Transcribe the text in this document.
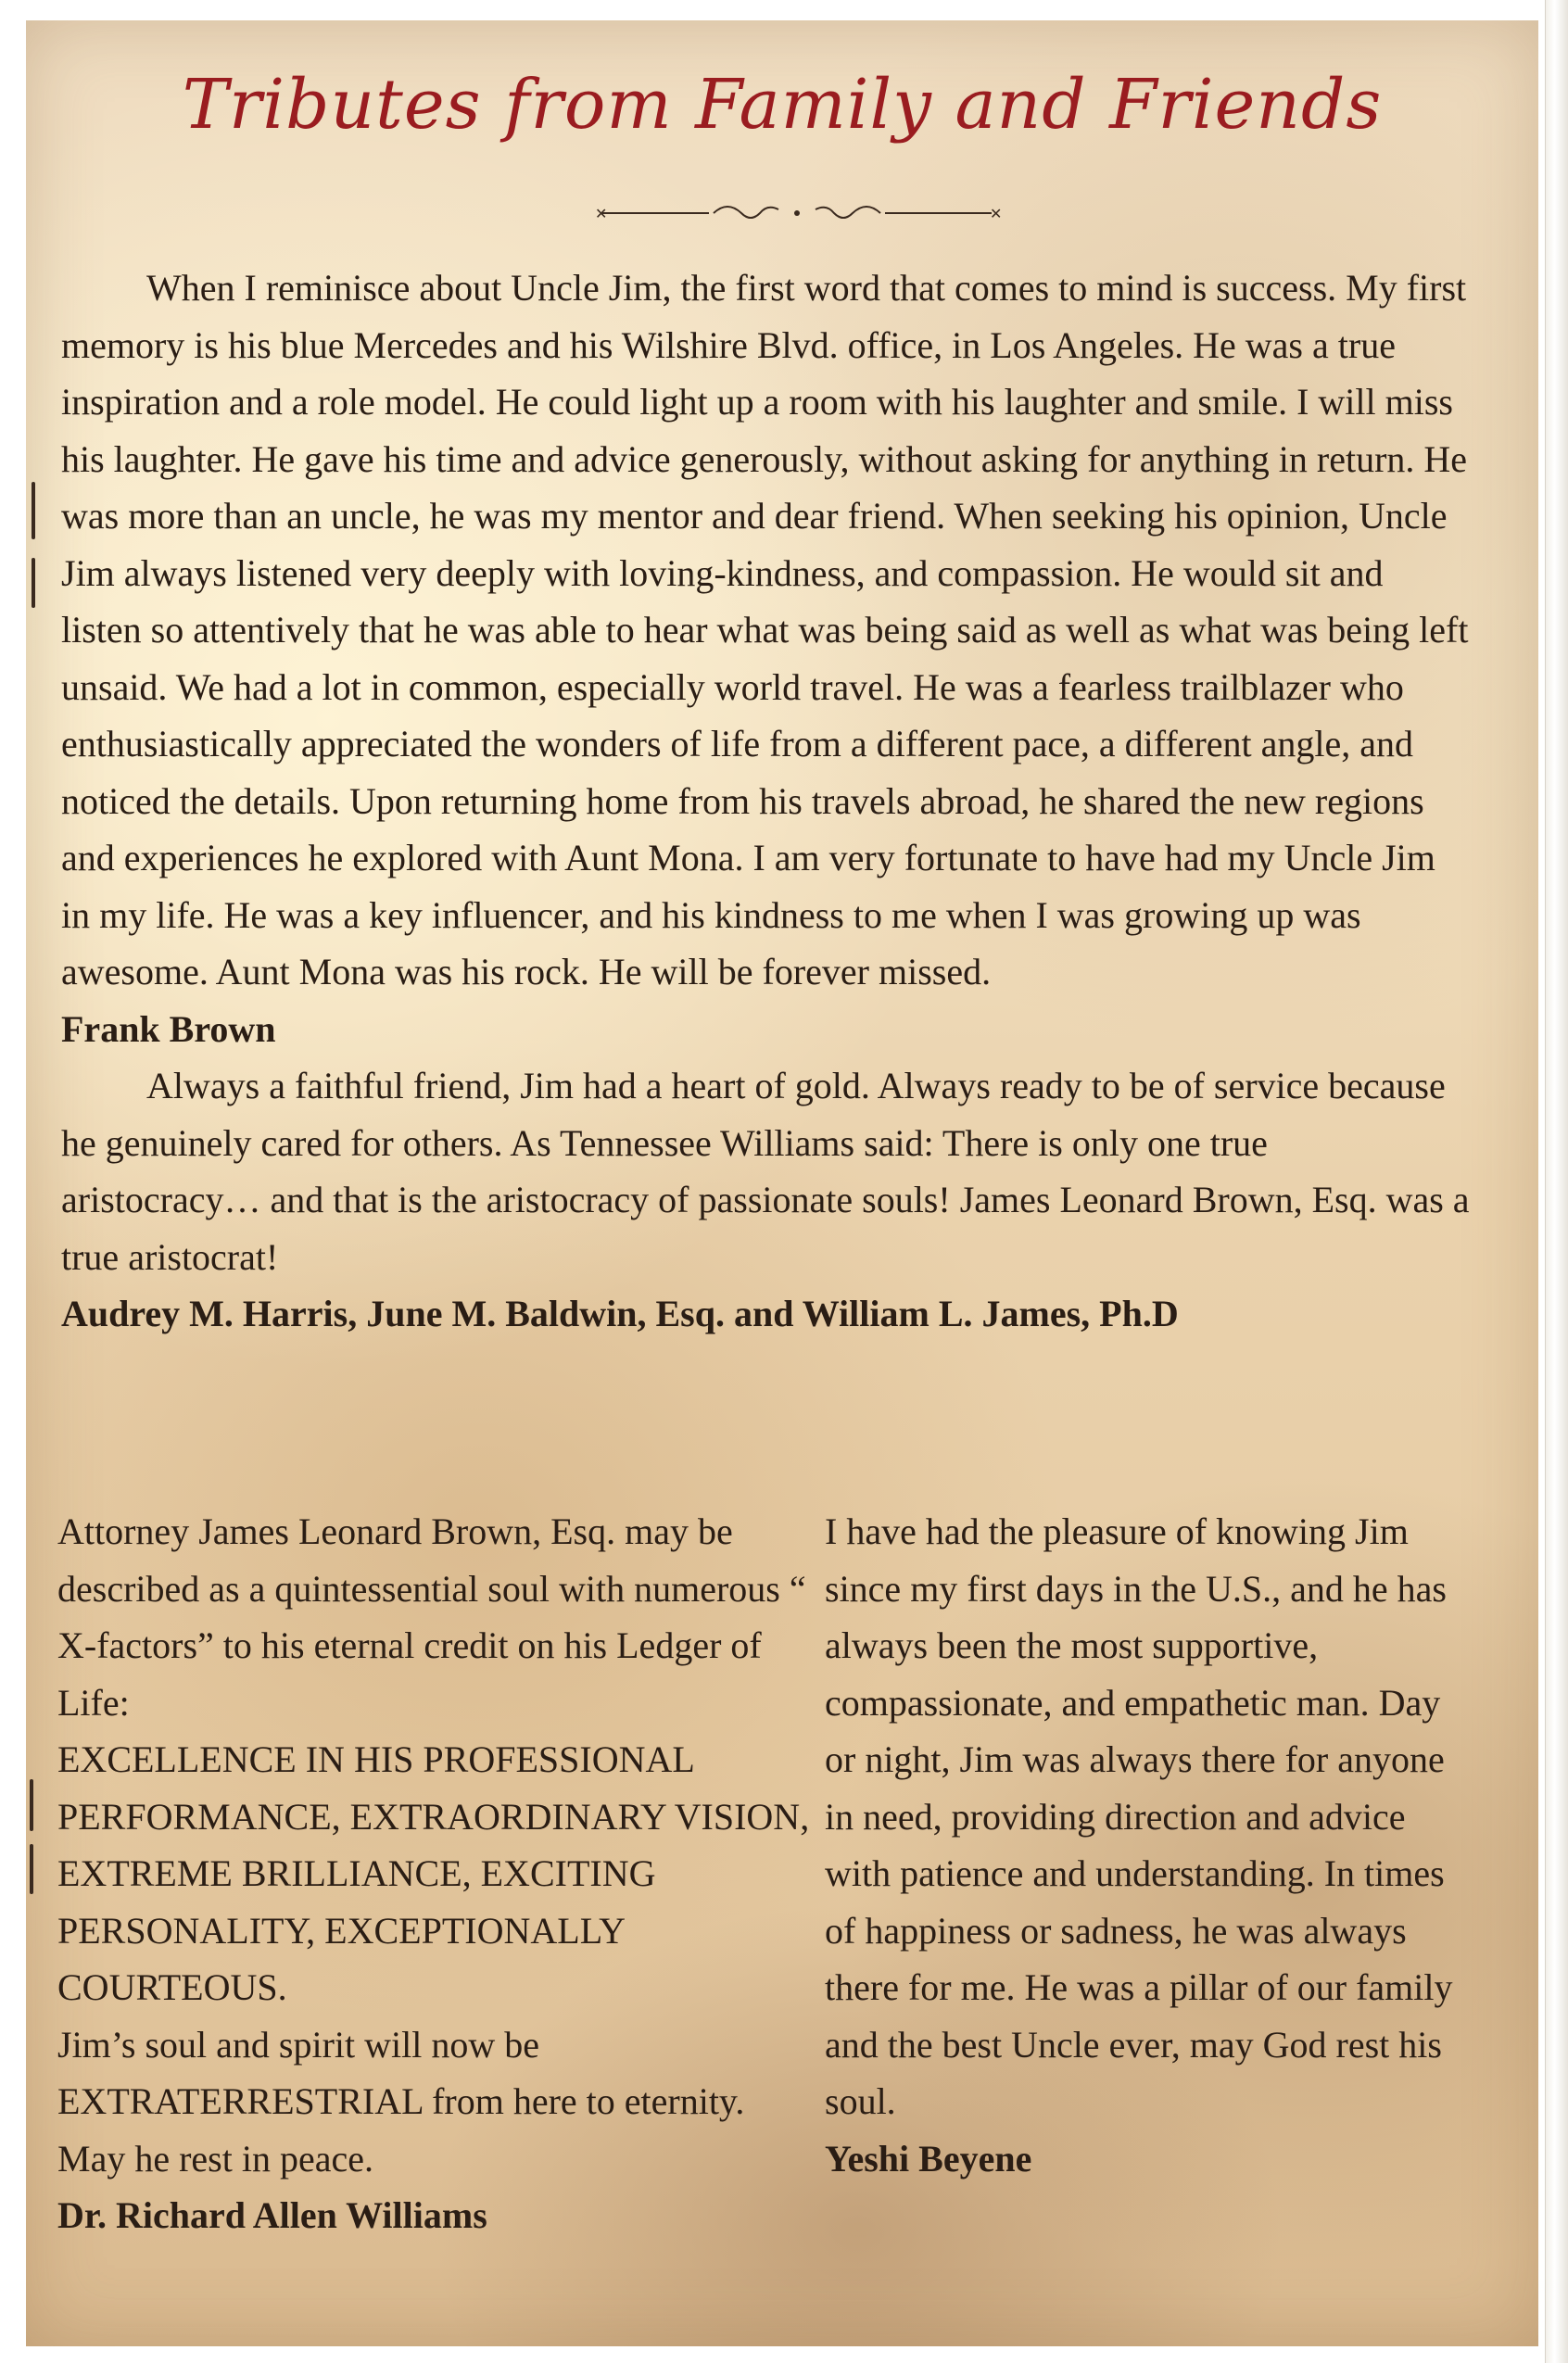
Tributes from Family and Friends
✕	✕

When I reminisce about Uncle Jim, the first word that comes to mind is success. My first memory is his blue Mercedes and his Wilshire Blvd. office, in Los Angeles. He was a true inspiration and a role model. He could light up a room with his laughter and smile. I will miss his laughter. He gave his time and advice generously, without asking for anything in return. He was more than an uncle, he was my mentor and dear friend. When seeking his opinion, Uncle Jim always listened very deeply with loving-kindness, and compassion. He would sit and listen so attentively that he was able to hear what was being said as well as what was being left unsaid. We had a lot in common, especially world travel. He was a fearless trailblazer who enthusiastically appreciated the wonders of life from a different pace, a different angle, and noticed the details. Upon returning home from his travels abroad, he shared the new regions and experiences he explored with Aunt Mona. I am very fortunate to have had my Uncle Jim in my life. He was a key influencer, and his kindness to me when I was growing up was awesome. Aunt Mona was his rock. He will be forever missed.

Frank Brown

Always a faithful friend, Jim had a heart of gold. Always ready to be of service because he genuinely cared for others. As Tennessee Williams said: There is only one true aristocracy… and that is the aristocracy of passionate souls! James Leonard Brown, Esq. was a true aristocrat!

Audrey M. Harris, June M. Baldwin, Esq. and William L. James, Ph.D

Attorney James Leonard Brown, Esq. may be described as a quintessential soul with numerous “ X-factors” to his eternal credit on his Ledger of Life:

EXCELLENCE IN HIS PROFESSIONAL PERFORMANCE, EXTRAORDINARY VISION, EXTREME BRILLIANCE, EXCITING PERSONALITY, EXCEPTIONALLY COURTEOUS.

Jim’s soul and spirit will now be EXTRATERRESTRIAL from here to eternity. May he rest in peace.

Dr. Richard Allen Williams

I have had the pleasure of knowing Jim since my first days in the U.S., and he has always been the most supportive, compassionate, and empathetic man. Day or night, Jim was always there for anyone in need, providing direction and advice with patience and understanding. In times of happiness or sadness, he was always there for me. He was a pillar of our family and the best Uncle ever, may God rest his soul.

Yeshi Beyene
